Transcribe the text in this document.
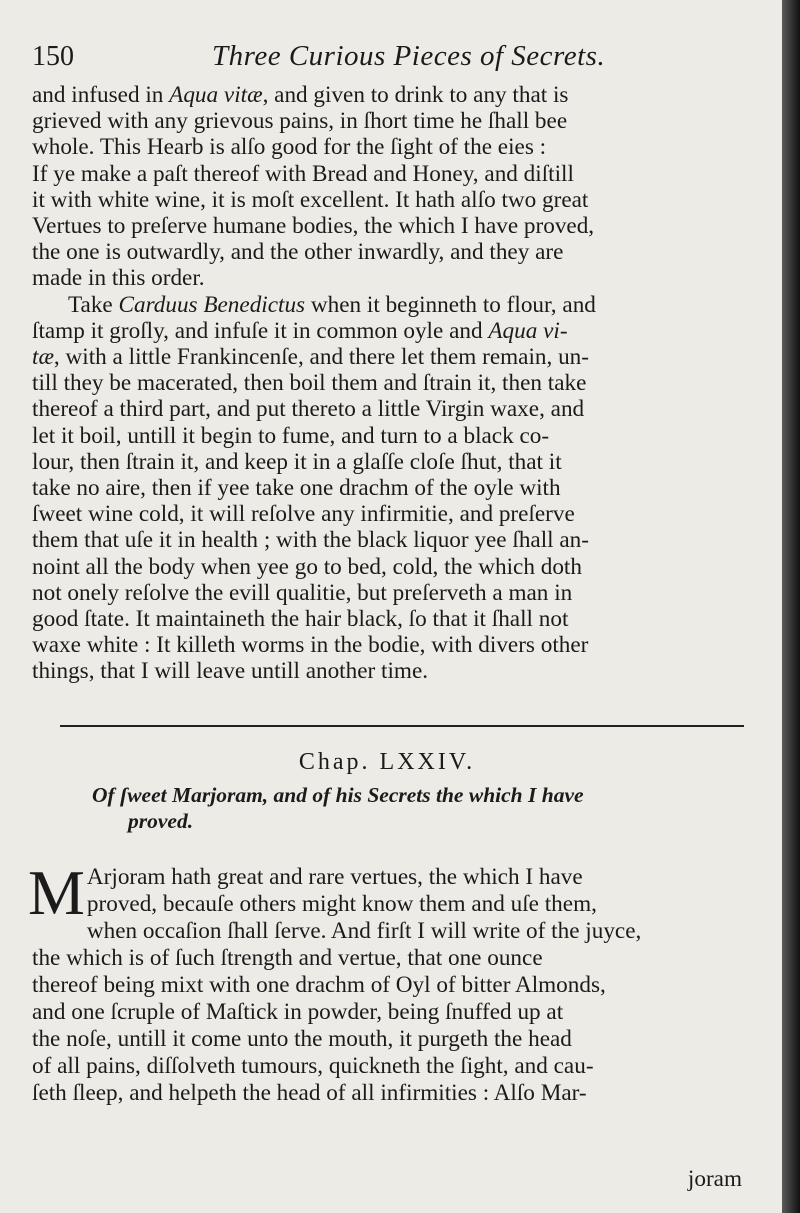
150	Three Curious Pieces of Secrets.
and infused in Aqua vitæ, and given to drink to any that is
grieved with any grievous pains, in ſhort time he ſhall bee
whole. This Hearb is alſo good for the ſight of the eies :
If ye make a paſt thereof with Bread and Honey, and diſtill
it with white wine, it is moſt excellent. It hath alſo two great
Vertues to preſerve humane bodies, the which I have proved,
the one is outwardly, and the other inwardly, and they are
made in this order.
Take Carduus Benedictus when it beginneth to flour, and
ſtamp it groſly, and infuſe it in common oyle and Aqua vi-
tæ, with a little Frankincenſe, and there let them remain, un-
till they be macerated, then boil them and ſtrain it, then take
thereof a third part, and put thereto a little Virgin waxe, and
let it boil, untill it begin to fume, and turn to a black co-
lour, then ſtrain it, and keep it in a glaſſe cloſe ſhut, that it
take no aire, then if yee take one drachm of the oyle with
ſweet wine cold, it will reſolve any infirmitie, and preſerve
them that uſe it in health ; with the black liquor yee ſhall an-
noint all the body when yee go to bed, cold, the which doth
not onely reſolve the evill qualitie, but preſerveth a man in
good ſtate. It maintaineth the hair black, ſo that it ſhall not
waxe white : It killeth worms in the bodie, with divers other
things, that I will leave untill another time.
Chap. LXXIV.
Of ſweet Marjoram, and of his Secrets the which I have
proved.
M Arjoram hath great and rare vertues, the which I have
proved, becauſe others might know them and uſe them,
when occaſion ſhall ſerve. And firſt I will write of the juyce,
the which is of ſuch ſtrength and vertue, that one ounce
thereof being mixt with one drachm of Oyl of bitter Almonds,
and one ſcruple of Maſtick in powder, being ſnuffed up at
the noſe, untill it come unto the mouth, it purgeth the head
of all pains, diſſolveth tumours, quickneth the ſight, and cau-
ſeth ſleep, and helpeth the head of all infirmities : Alſo Mar-
joram
